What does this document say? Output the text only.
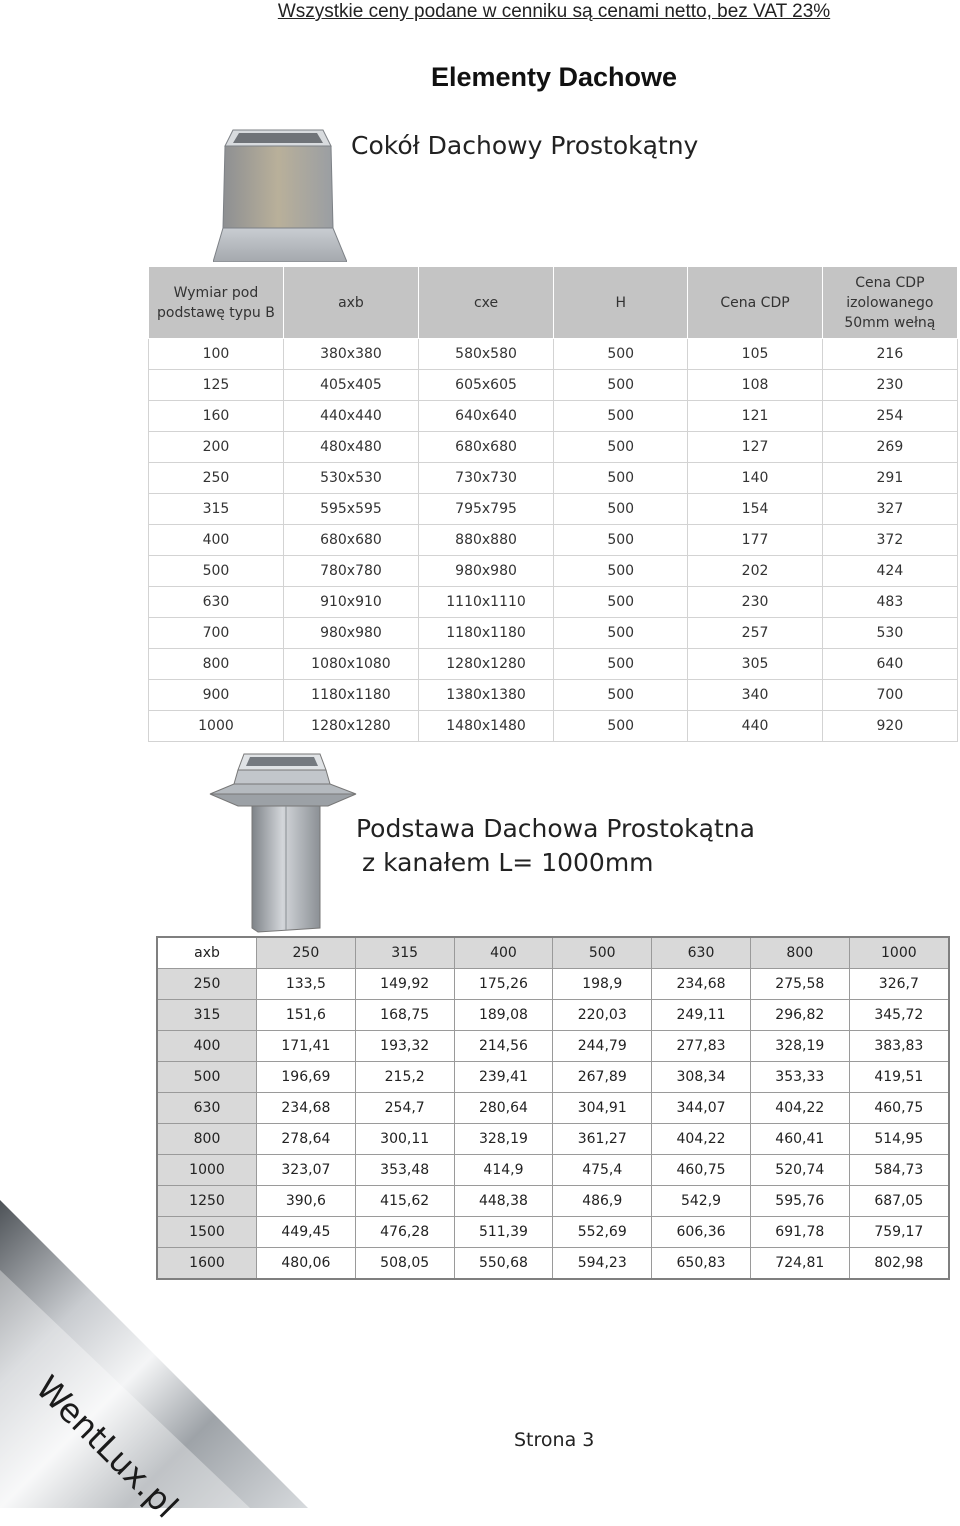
Wszystkie ceny podane w cenniku są cenami netto, bez VAT 23%
Elementy Dachowe
Cokół Dachowy Prostokątny
Wymiar pod podstawę typu B	axb	cxe	H	Cena CDP	Cena CDP izolowanego 50mm wełną
100	380x380	580x580	500	105	216
125	405x405	605x605	500	108	230
160	440x440	640x640	500	121	254
200	480x480	680x680	500	127	269
250	530x530	730x730	500	140	291
315	595x595	795x795	500	154	327
400	680x680	880x880	500	177	372
500	780x780	980x980	500	202	424
630	910x910	1110x1110	500	230	483
700	980x980	1180x1180	500	257	530
800	1080x1080	1280x1280	500	305	640
900	1180x1180	1380x1380	500	340	700
1000	1280x1280	1480x1480	500	440	920
Podstawa Dachowa Prostokątna
z kanałem L= 1000mm
axb	250	315	400	500	630	800	1000
250	133,5	149,92	175,26	198,9	234,68	275,58	326,7
315	151,6	168,75	189,08	220,03	249,11	296,82	345,72
400	171,41	193,32	214,56	244,79	277,83	328,19	383,83
500	196,69	215,2	239,41	267,89	308,34	353,33	419,51
630	234,68	254,7	280,64	304,91	344,07	404,22	460,75
800	278,64	300,11	328,19	361,27	404,22	460,41	514,95
1000	323,07	353,48	414,9	475,4	460,75	520,74	584,73
1250	390,6	415,62	448,38	486,9	542,9	595,76	687,05
1500	449,45	476,28	511,39	552,69	606,36	691,78	759,17
1600	480,06	508,05	550,68	594,23	650,83	724,81	802,98
WentLux.pl	Strona 3
